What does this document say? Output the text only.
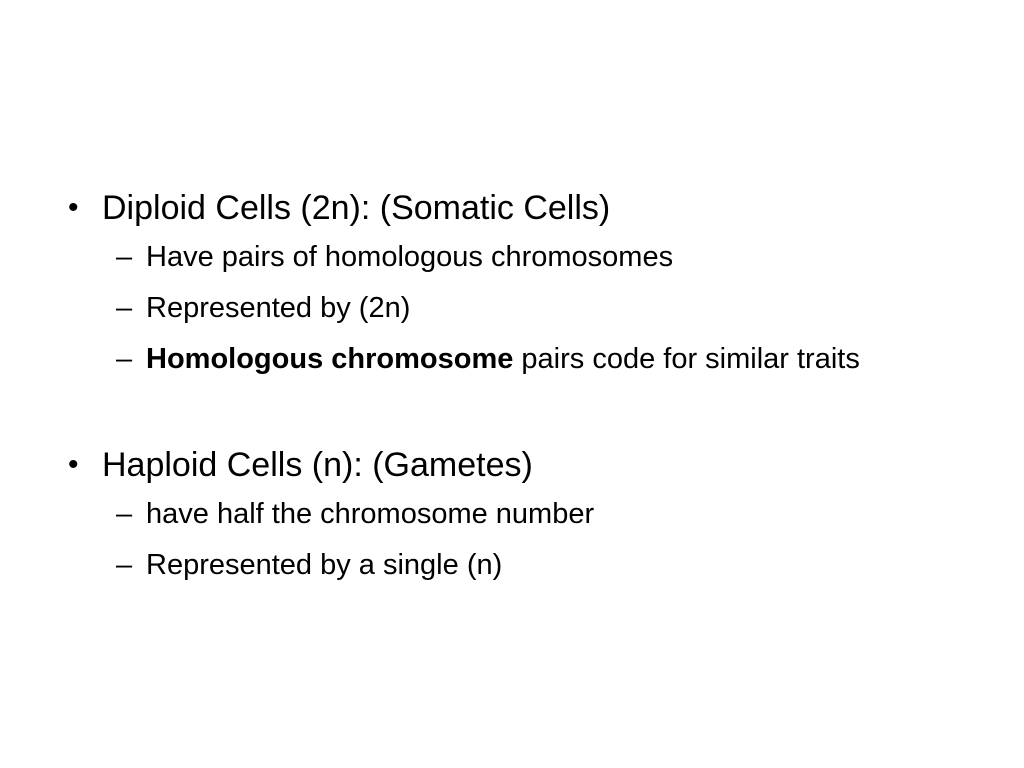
• Diploid Cells (2n): (Somatic Cells)

– Have pairs of homologous chromosomes

– Represented by (2n)

– Homologous chromosome pairs code for similar traits

• Haploid Cells (n): (Gametes)

– have half the chromosome number

– Represented by a single (n)
